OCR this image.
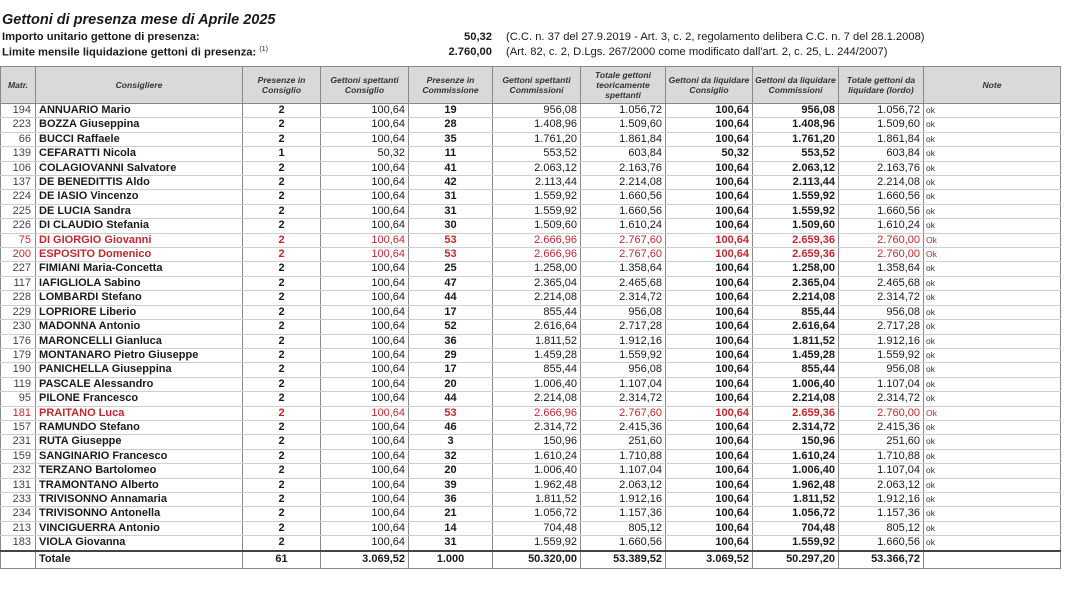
Gettoni di presenza mese di Aprile 2025
Importo unitario gettone di presenza:	50,32 (C.C. n. 37 del 27.9.2019 - Art. 3, c. 2, regolamento delibera C.C. n. 7 del 28.1.2008)
Limite mensile liquidazione gettoni di presenza: $^{(1)}$	2.760,00 (Art. 82, c. 2, D.Lgs. 267/2000 come modificato dall'art. 2, c. 25, L. 244/2007)
Matr.	Consigliere	Presenze in Consiglio	Gettoni spettanti Consiglio	Presenze in Commissione	Gettoni spettanti Commissioni	Totale gettoni teoricamente spettanti	Gettoni da liquidare Consiglio	Gettoni da liquidare Commissioni	Totale gettoni da liquidare (lordo)	Note
194	ANNUARIO Mario	2	100,64	19	956,08	1.056,72	100,64	956,08	1.056,72	ok
223	BOZZA Giuseppina	2	100,64	28	1.408,96	1.509,60	100,64	1.408,96	1.509,60	ok
66	BUCCI Raffaele	2	100,64	35	1.761,20	1.861,84	100,64	1.761,20	1.861,84	ok
139	CEFARATTI Nicola	1	50,32	11	553,52	603,84	50,32	553,52	603,84	ok
106	COLAGIOVANNI Salvatore	2	100,64	41	2.063,12	2.163,76	100,64	2.063,12	2.163,76	ok
137	DE BENEDITTIS Aldo	2	100,64	42	2.113,44	2.214,08	100,64	2.113,44	2.214,08	ok
224	DE IASIO Vincenzo	2	100,64	31	1.559,92	1.660,56	100,64	1.559,92	1.660,56	ok
225	DE LUCIA Sandra	2	100,64	31	1.559,92	1.660,56	100,64	1.559,92	1.660,56	ok
226	DI CLAUDIO Stefania	2	100,64	30	1.509,60	1.610,24	100,64	1.509,60	1.610,24	ok
75	DI GIORGIO Giovanni	2	100,64	53	2.666,96	2.767,60	100,64	2.659,36	2.760,00	Ok
200	ESPOSITO Domenico	2	100,64	53	2.666,96	2.767,60	100,64	2.659,36	2.760,00	Ok
227	FIMIANI Maria-Concetta	2	100,64	25	1.258,00	1.358,64	100,64	1.258,00	1.358,64	ok
117	IAFIGLIOLA Sabino	2	100,64	47	2.365,04	2.465,68	100,64	2.365,04	2.465,68	ok
228	LOMBARDI Stefano	2	100,64	44	2.214,08	2.314,72	100,64	2.214,08	2.314,72	ok
229	LOPRIORE Liberio	2	100,64	17	855,44	956,08	100,64	855,44	956,08	ok
230	MADONNA Antonio	2	100,64	52	2.616,64	2.717,28	100,64	2.616,64	2.717,28	ok
176	MARONCELLI Gianluca	2	100,64	36	1.811,52	1.912,16	100,64	1.811,52	1.912,16	ok
179	MONTANARO Pietro Giuseppe	2	100,64	29	1.459,28	1.559,92	100,64	1.459,28	1.559,92	ok
190	PANICHELLA Giuseppina	2	100,64	17	855,44	956,08	100,64	855,44	956,08	ok
119	PASCALE Alessandro	2	100,64	20	1.006,40	1.107,04	100,64	1.006,40	1.107,04	ok
95	PILONE Francesco	2	100,64	44	2.214,08	2.314,72	100,64	2.214,08	2.314,72	ok
181	PRAITANO Luca	2	100,64	53	2.666,96	2.767,60	100,64	2.659,36	2.760,00	Ok
157	RAMUNDO Stefano	2	100,64	46	2.314,72	2.415,36	100,64	2.314,72	2.415,36	ok
231	RUTA Giuseppe	2	100,64	3	150,96	251,60	100,64	150,96	251,60	ok
159	SANGINARIO Francesco	2	100,64	32	1.610,24	1.710,88	100,64	1.610,24	1.710,88	ok
232	TERZANO Bartolomeo	2	100,64	20	1.006,40	1.107,04	100,64	1.006,40	1.107,04	ok
131	TRAMONTANO Alberto	2	100,64	39	1.962,48	2.063,12	100,64	1.962,48	2.063,12	ok
233	TRIVISONNO Annamaria	2	100,64	36	1.811,52	1.912,16	100,64	1.811,52	1.912,16	ok
234	TRIVISONNO Antonella	2	100,64	21	1.056,72	1.157,36	100,64	1.056,72	1.157,36	ok
213	VINCIGUERRA Antonio	2	100,64	14	704,48	805,12	100,64	704,48	805,12	ok
183	VIOLA Giovanna	2	100,64	31	1.559,92	1.660,56	100,64	1.559,92	1.660,56	ok
	Totale	61	3.069,52	1.000	50.320,00	53.389,52	3.069,52	50.297,20	53.366,72	
